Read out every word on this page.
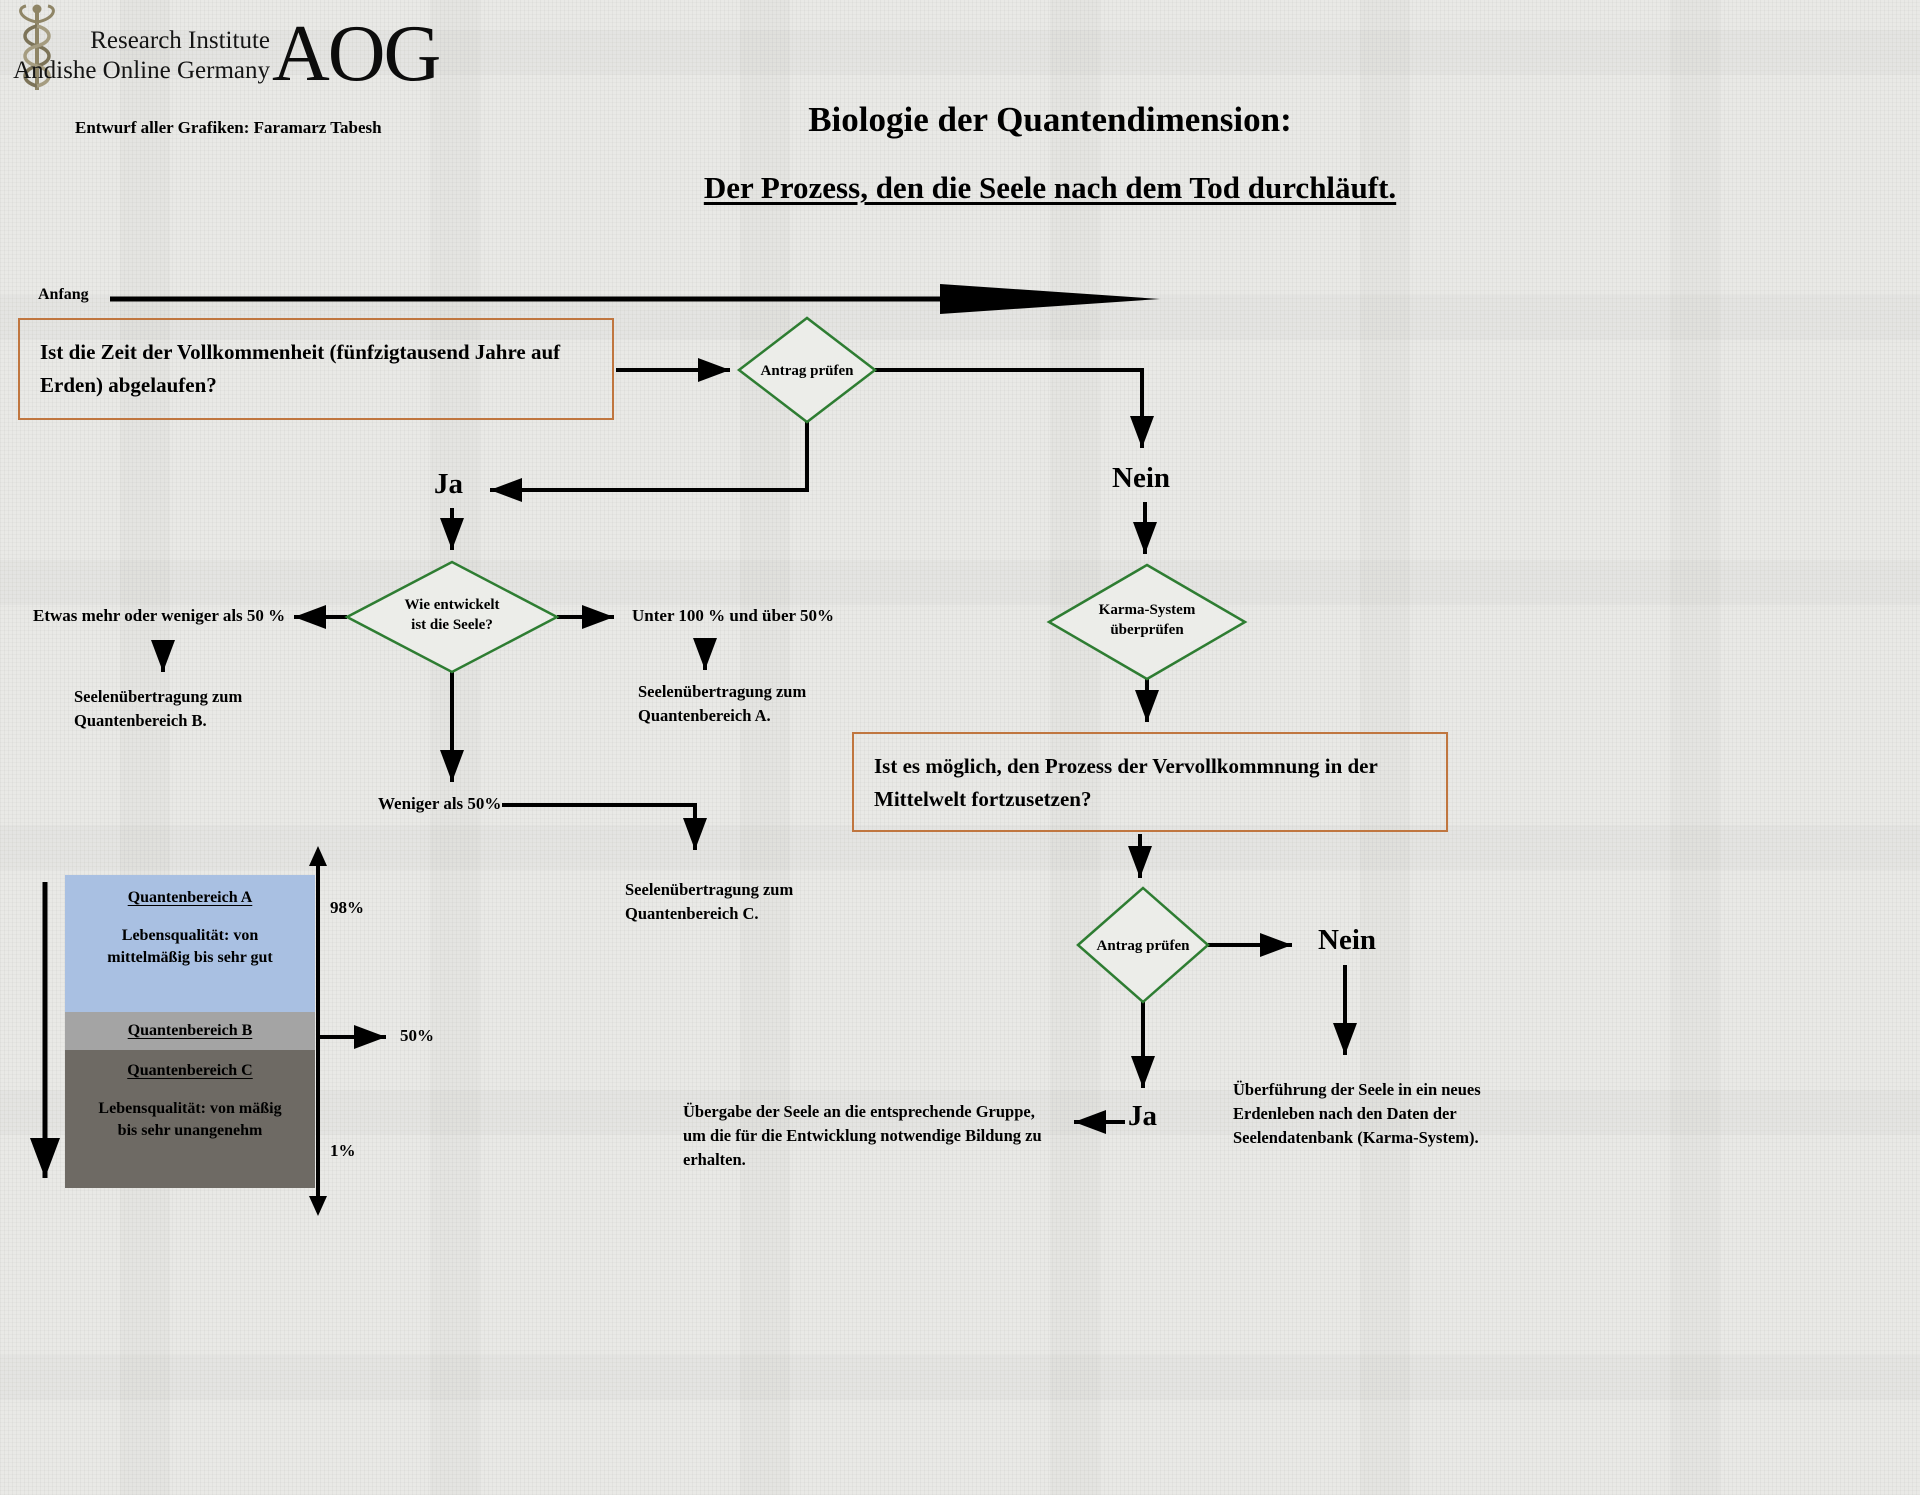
Research Institute
Andishe Online Germany AOG
Entwurf aller Grafiken: Faramarz Tabesh	Biologie der Quantendimension:
Der Prozess, den die Seele nach dem Tod durchläuft.
Anfang
Ist die Zeit der Vollkommenheit (fünfzigtausend Jahre auf Erden) abgelaufen?
Antrag prüfen
Ja	Nein
Wie entwickelt
ist die Seele?
Etwas mehr oder weniger als 50 %
Seelenübertragung zum Quantenbereich B.
Unter 100 % und über 50%
Seelenübertragung zum Quantenbereich A.
Weniger als 50%
Seelenübertragung zum Quantenbereich C.
Karma-System
überprüfen
Ist es möglich, den Prozess der Vervollkommnung in der Mittelwelt fortzusetzen?
Antrag prüfen	Nein
Überführung der Seele in ein neues Erdenleben nach den Daten der Seelendatenbank (Karma-System).
Ja
Übergabe der Seele an die entsprechende Gruppe, um die für die Entwicklung notwendige Bildung zu erhalten.
Quantenbereich A
Lebensqualität: von mittelmäßig bis sehr gut
Quantenbereich B
Quantenbereich C
Lebensqualität: von mäßig bis sehr unangenehm
98%
50%
1%
